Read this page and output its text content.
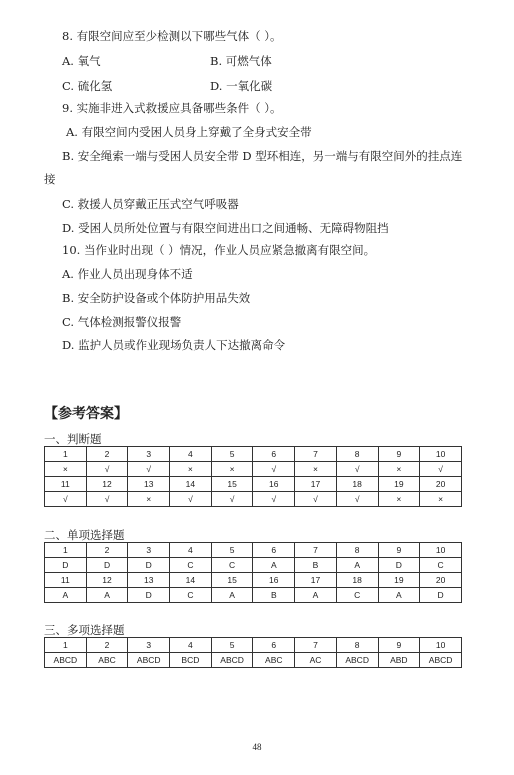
8. 有限空间应至少检测以下哪些气体（ ）。
A. 氧气	B. 可燃气体
C. 硫化氢	D. 一氧化碳
9. 实施非进入式救援应具备哪些条件（ ）。
A. 有限空间内受困人员身上穿戴了全身式安全带
B. 安全绳索一端与受困人员安全带 D 型环相连，另一端与有限空间外的挂点连
接
C. 救援人员穿戴正压式空气呼吸器
D. 受困人员所处位置与有限空间进出口之间通畅、无障碍物阻挡
10. 当作业时出现（ ）情况，作业人员应紧急撤离有限空间。
A. 作业人员出现身体不适
B. 安全防护设备或个体防护用品失效
C. 气体检测报警仪报警
D. 监护人员或作业现场负责人下达撤离命令
【参考答案】
一、判断题
1	2	3	4	5	6	7	8	9	10
×	√	√	×	×	√	×	√	×	√
11	12	13	14	15	16	17	18	19	20
√	√	×	√	√	√	√	√	×	×
二、单项选择题
1	2	3	4	5	6	7	8	9	10
D	D	D	C	C	A	B	A	D	C
11	12	13	14	15	16	17	18	19	20
A	A	D	C	A	B	A	C	A	D
三、多项选择题
1	2	3	4	5	6	7	8	9	10
ABCD	ABC	ABCD	BCD	ABCD	ABC	AC	ABCD	ABD	ABCD
48
